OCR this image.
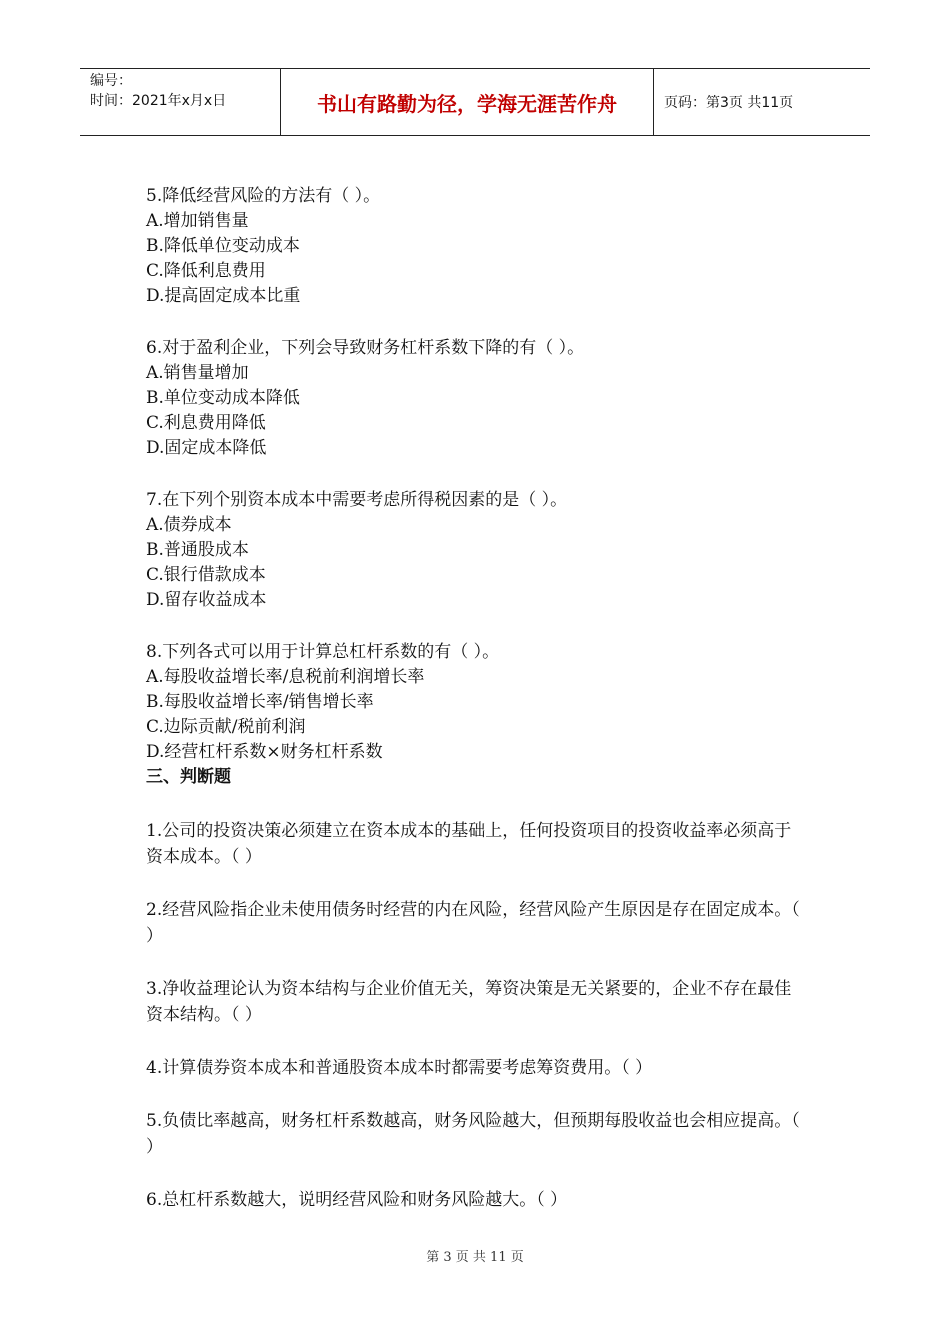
编号：
时间：2021年x月x日	书山有路勤为径，学海无涯苦作舟	页码：第3页 共11页
5.降低经营风险的方法有（ ）。
A.增加销售量
B.降低单位变动成本
C.降低利息费用
D.提高固定成本比重
6.对于盈利企业，下列会导致财务杠杆系数下降的有（ ）。
A.销售量增加
B.单位变动成本降低
C.利息费用降低
D.固定成本降低
7.在下列个别资本成本中需要考虑所得税因素的是（ ）。
A.债券成本
B.普通股成本
C.银行借款成本
D.留存收益成本
8.下列各式可以用于计算总杠杆系数的有（ ）。
A.每股收益增长率/息税前利润增长率
B.每股收益增长率/销售增长率
C.边际贡献/税前利润
D.经营杠杆系数×财务杠杆系数
三、判断题
1.公司的投资决策必须建立在资本成本的基础上，任何投资项目的投资收益率必须高于资本成本。（ ）
2.经营风险指企业未使用债务时经营的内在风险，经营风险产生原因是存在固定成本。（ ）
3.净收益理论认为资本结构与企业价值无关，筹资决策是无关紧要的，企业不存在最佳资本结构。（ ）
4.计算债券资本成本和普通股资本成本时都需要考虑筹资费用。（ ）
5.负债比率越高，财务杠杆系数越高，财务风险越大，但预期每股收益也会相应提高。（ ）
6.总杠杆系数越大，说明经营风险和财务风险越大。（ ）
第 3 页 共 11 页
